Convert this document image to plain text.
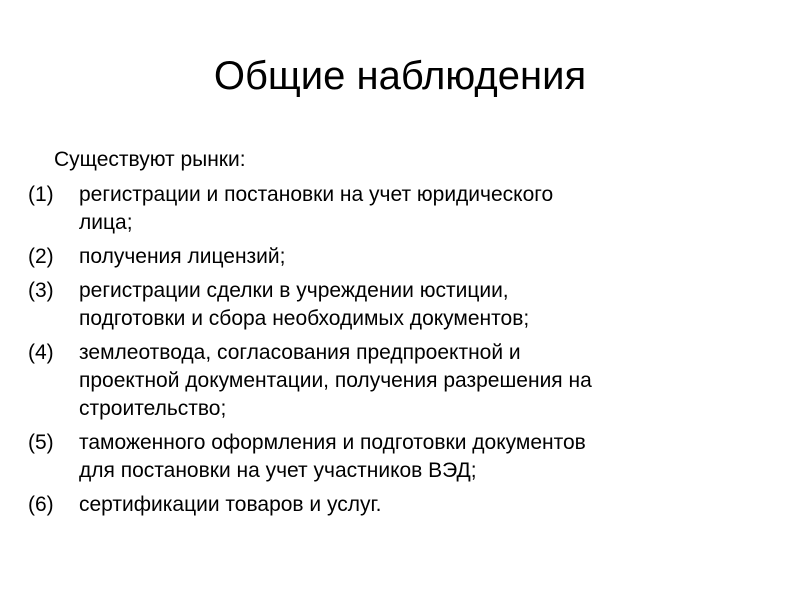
Общие наблюдения
Существуют рынки:
(1)	регистрации и постановки на учет юридического
лица;
(2)	получения лицензий;
(3)	регистрации сделки в учреждении юстиции,
подготовки и сбора необходимых документов;
(4)	землеотвода, согласования предпроектной и
проектной документации, получения разрешения на
строительство;
(5)	таможенного оформления и подготовки документов
для постановки на учет участников ВЭД;
(6)	сертификации товаров и услуг.
